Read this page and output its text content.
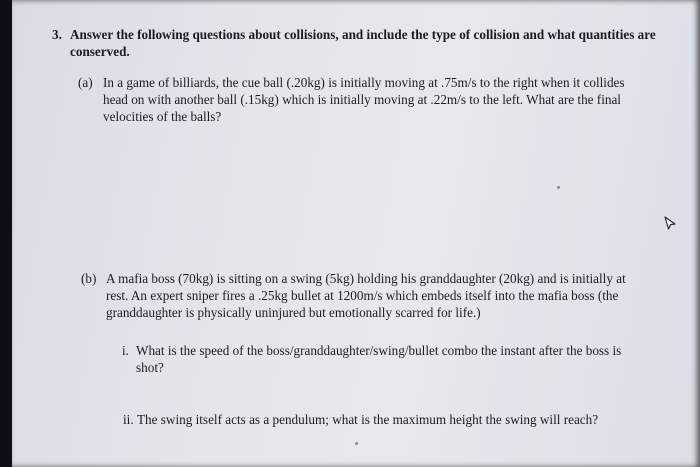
3. Answer the following questions about collisions, and include the type of collision and what quantities are conserved.

(a) In a game of billiards, the cue ball (.20kg) is initially moving at .75m/s to the right when it collides head on with another ball (.15kg) which is initially moving at .22m/s to the left. What are the final velocities of the balls?

(b) A mafia boss (70kg) is sitting on a swing (5kg) holding his granddaughter (20kg) and is initially at rest. An expert sniper fires a .25kg bullet at 1200m/s which embeds itself into the mafia boss (the granddaughter is physically uninjured but emotionally scarred for life.)

i. What is the speed of the boss/granddaughter/swing/bullet combo the instant after the boss is shot?

ii. The swing itself acts as a pendulum; what is the maximum height the swing will reach?
